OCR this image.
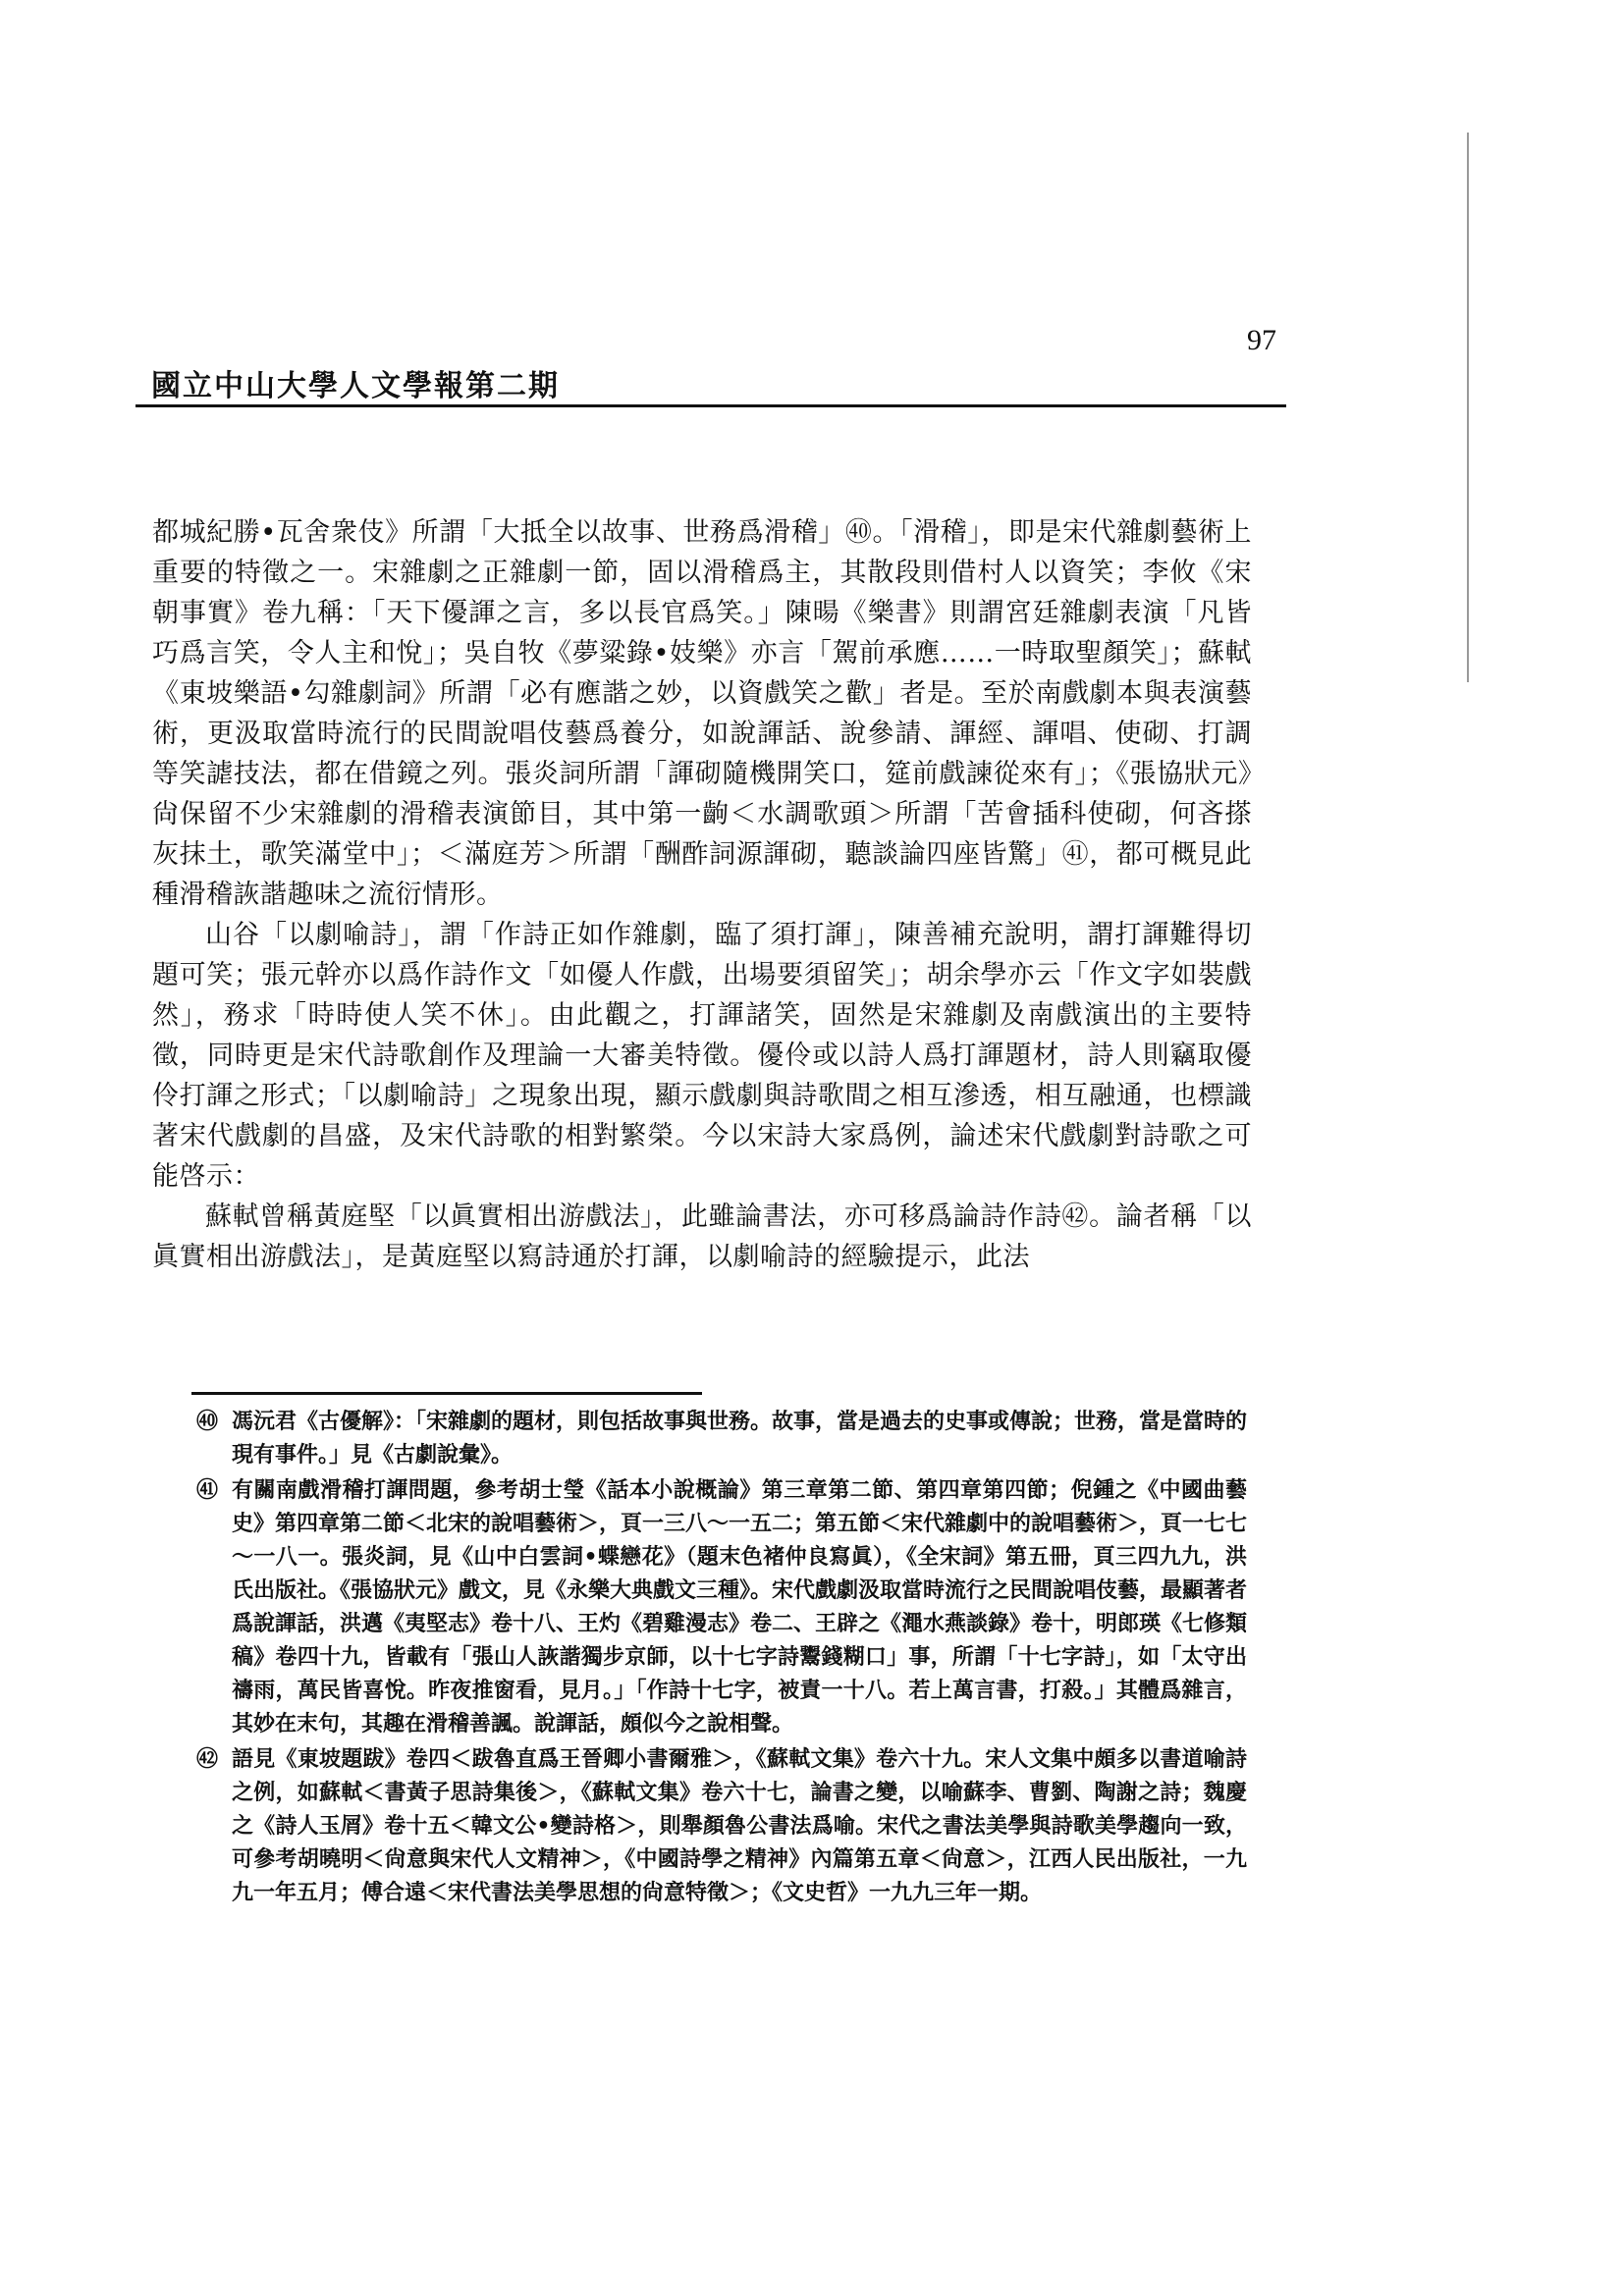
國立中山大學人文學報第二期
97

都城紀勝•瓦舍衆伎》所謂「大抵全以故事、世務爲滑稽」㊵。「滑稽」，即是宋代雜劇藝術上重要的特徵之一。宋雜劇之正雜劇一節，固以滑稽爲主，其散段則借村人以資笑；李攸《宋朝事實》卷九稱：「天下優諢之言，多以長官爲笑。」陳暘《樂書》則謂宮廷雜劇表演「凡皆巧爲言笑，令人主和悅」；吳自牧《夢粱錄•妓樂》亦言「駕前承應……一時取聖顏笑」；蘇軾《東坡樂語•勾雜劇詞》所謂「必有應諧之妙，以資戲笑之歡」者是。至於南戲劇本與表演藝術，更汲取當時流行的民間說唱伎藝爲養分，如說諢話、說參請、諢經、諢唱、使砌、打調等笑謔技法，都在借鏡之列。張炎詞所謂「諢砌隨機開笑口，筵前戲諫從來有」；《張協狀元》尙保留不少宋雜劇的滑稽表演節目，其中第一齣＜水調歌頭＞所謂「苦會插科使砌，何吝搽灰抹土，歌笑滿堂中」；＜滿庭芳＞所謂「酬酢詞源諢砌，聽談論四座皆驚」㊶，都可概見此種滑稽詼諧趣味之流衍情形。

山谷「以劇喻詩」，謂「作詩正如作雜劇，臨了須打諢」，陳善補充說明，謂打諢難得切題可笑；張元幹亦以爲作詩作文「如優人作戲，出場要須留笑」；胡余學亦云「作文字如裝戲然」，務求「時時使人笑不休」。由此觀之，打諢諸笑，固然是宋雜劇及南戲演出的主要特徵，同時更是宋代詩歌創作及理論一大審美特徵。優伶或以詩人爲打諢題材，詩人則竊取優伶打諢之形式；「以劇喻詩」之現象出現，顯示戲劇與詩歌間之相互滲透，相互融通，也標識著宋代戲劇的昌盛，及宋代詩歌的相對繁榮。今以宋詩大家爲例，論述宋代戲劇對詩歌之可能啓示：

蘇軾曾稱黃庭堅「以眞實相出游戲法」，此雖論書法，亦可移爲論詩作詩㊷。論者稱「以眞實相出游戲法」，是黃庭堅以寫詩通於打諢，以劇喻詩的經驗提示，此法

㊵ 馮沅君《古優解》：「宋雜劇的題材，則包括故事與世務。故事，當是過去的史事或傳說；世務，當是當時的現有事件。」見《古劇說彙》。
㊶ 有關南戲滑稽打諢問題，參考胡士瑩《話本小說概論》第三章第二節、第四章第四節；倪鍾之《中國曲藝史》第四章第二節＜北宋的說唱藝術＞，頁一三八～一五二；第五節＜宋代雜劇中的說唱藝術＞，頁一七七～一八一。張炎詞，見《山中白雲詞•蝶戀花》（題末色褚仲良寫眞），《全宋詞》第五冊，頁三四九九，洪氏出版社。《張協狀元》戲文，見《永樂大典戲文三種》。宋代戲劇汲取當時流行之民間說唱伎藝，最顯著者爲說諢話，洪邁《夷堅志》卷十八、王灼《碧雞漫志》卷二、王辟之《澠水燕談錄》卷十，明郎瑛《七修類稿》卷四十九，皆載有「張山人詼諧獨步京師，以十七字詩鬻錢糊口」事，所謂「十七字詩」，如「太守出禱雨，萬民皆喜悅。昨夜推窗看，見月。」「作詩十七字，被責一十八。若上萬言書，打殺。」其體爲雜言，其妙在末句，其趣在滑稽善諷。說諢話，頗似今之說相聲。
㊷ 語見《東坡題跋》卷四＜跋魯直爲王晉卿小書爾雅＞，《蘇軾文集》卷六十九。宋人文集中頗多以書道喻詩之例，如蘇軾＜書黃子思詩集後＞，《蘇軾文集》卷六十七，論書之變，以喻蘇李、曹劉、陶謝之詩；魏慶之《詩人玉屑》卷十五＜韓文公•變詩格＞，則舉顏魯公書法爲喻。宋代之書法美學與詩歌美學趨向一致，可參考胡曉明＜尙意與宋代人文精神＞，《中國詩學之精神》內篇第五章＜尙意＞，江西人民出版社，一九九一年五月；傅合遠＜宋代書法美學思想的尙意特徵＞；《文史哲》一九九三年一期。
